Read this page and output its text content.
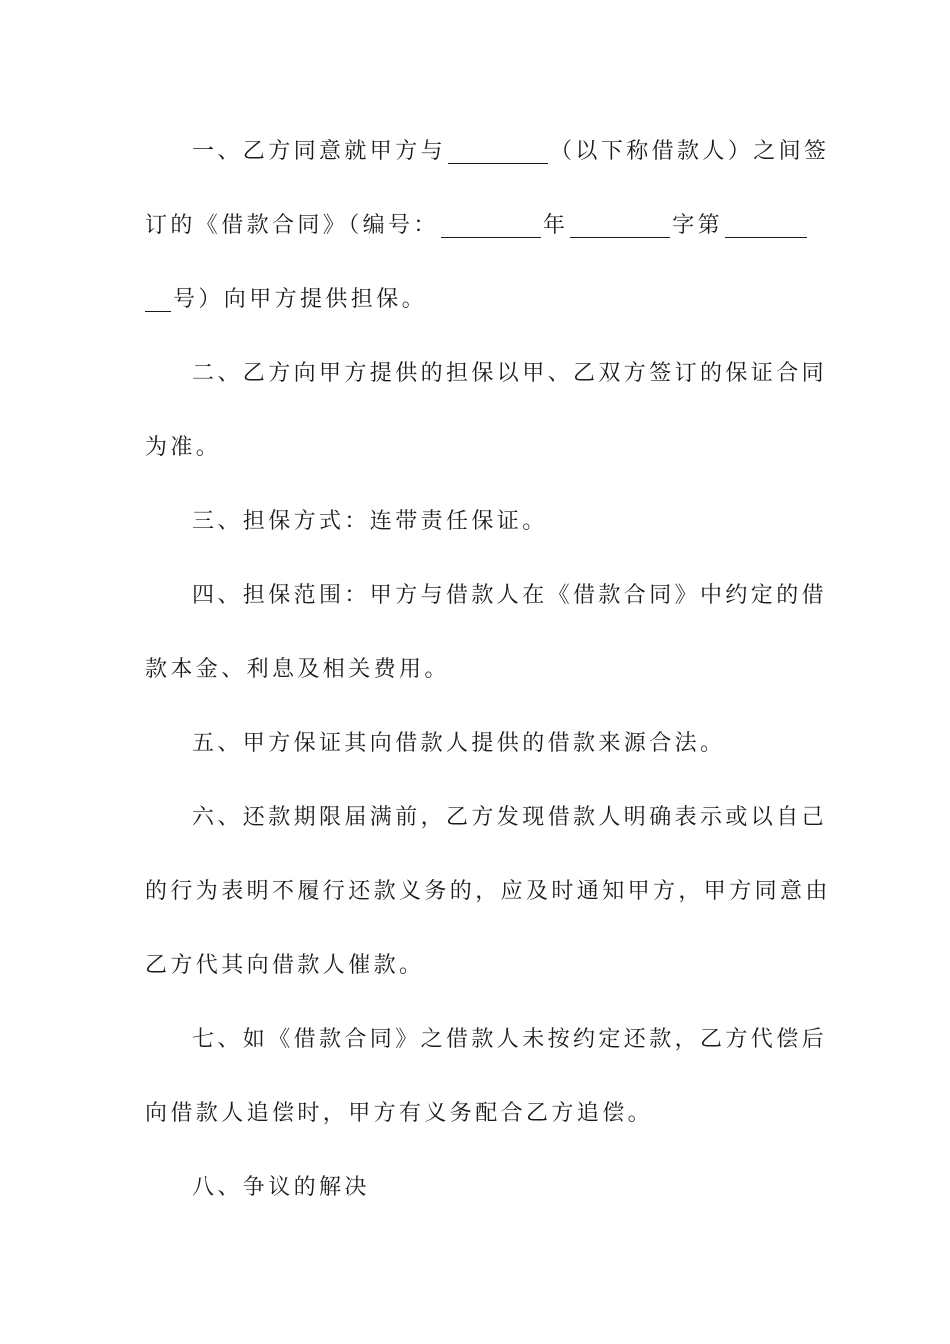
一、乙方同意就甲方与	（以下称借款人）之间签
订的《借款合同》（编号：	年	字第
号）向甲方提供担保。
二、乙方向甲方提供的担保以甲、乙双方签订的保证合同
为准。
三、担保方式：连带责任保证。
四、担保范围：甲方与借款人在《借款合同》中约定的借
款本金、利息及相关费用。
五、甲方保证其向借款人提供的借款来源合法。
六、还款期限届满前，乙方发现借款人明确表示或以自己
的行为表明不履行还款义务的，应及时通知甲方，甲方同意由
乙方代其向借款人催款。
七、如《借款合同》之借款人未按约定还款，乙方代偿后
向借款人追偿时，甲方有义务配合乙方追偿。
八、争议的解决
